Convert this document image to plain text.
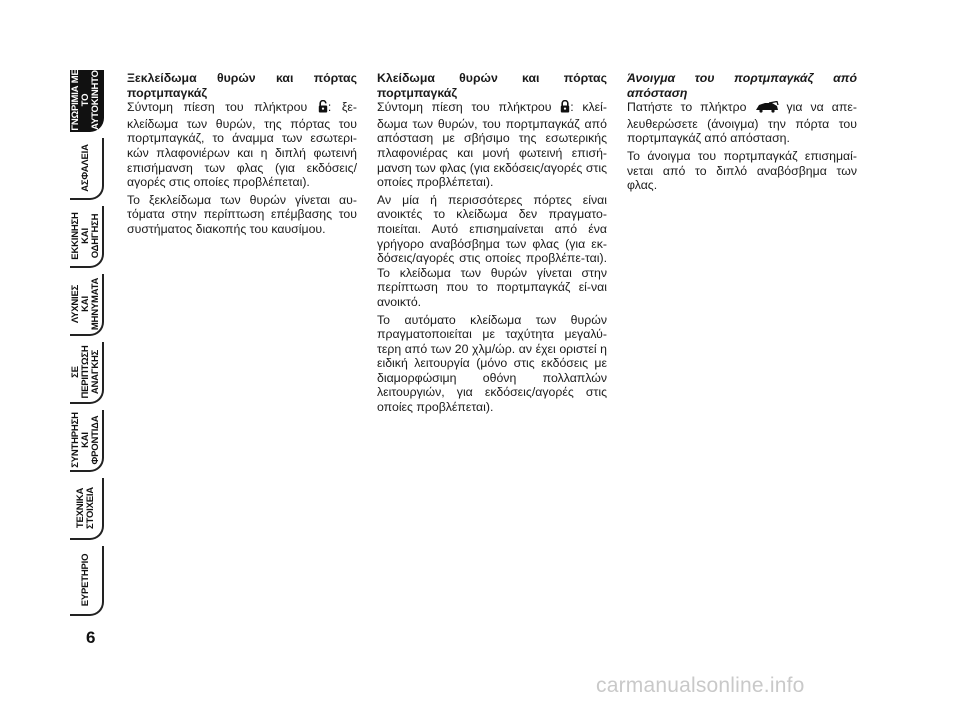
ΓΝΩΡΙΜΙΑ ΜΕ
ΤΟ
ΑΥΤΟΚΙΝΗΤΟ
ΑΣΦΑΛΕΙΑ
ΕΚΚΙΝΗΣΗ
ΚΑΙ
ΟΔΗΓΗΣΗ
ΛΥΧΝΙΕΣ
ΚΑΙ
ΜΗΝΥΜΑΤΑ
ΣΕ
ΠΕΡΙΠΤΩΣΗ
ΑΝΑΓΚΗΣ
ΣΥΝΤΗΡΗΣΗ
ΚΑΙ
ΦΡΟΝΤΙΔΑ
ΤΕΧΝΙΚΑ
ΣΤΟΙΧΕΙΑ
ΕΥΡΕΤΗΡΙΟ
6

Ξεκλείδωμα θυρών και πόρτας πορτμπαγκάζ

Σύντομη πίεση του πλήκτρου : ξε-κλείδωμα των θυρών, της πόρτας του πορτμπαγκάζ, το άναμμα των εσωτερι-κών πλαφονιέρων και η διπλή φωτεινή επισήμανση των φλας (για εκδόσεις/αγορές στις οποίες προβλέπεται).

Το ξεκλείδωμα των θυρών γίνεται αυ-τόματα στην περίπτωση επέμβασης του συστήματος διακοπής του καυσίμου.

Κλείδωμα θυρών και πόρτας πορτμπαγκάζ

Σύντομη πίεση του πλήκτρου : κλεί-δωμα των θυρών, του πορτμπαγκάζ από απόσταση με σβήσιμο της εσωτερικής πλαφονιέρας και μονή φωτεινή επισή-μανση των φλας (για εκδόσεις/αγορές στις οποίες προβλέπεται).

Αν μία ή περισσότερες πόρτες είναι ανοικτές το κλείδωμα δεν πραγματο-ποιείται. Αυτό επισημαίνεται από ένα γρήγορο αναβόσβημα των φλας (για εκ-δόσεις/αγορές στις οποίες προβλέπε-ται). Το κλείδωμα των θυρών γίνεται στην περίπτωση που το πορτμπαγκάζ εί-ναι ανοικτό.

Το αυτόματο κλείδωμα των θυρών πραγματοποιείται με ταχύτητα μεγαλύ-τερη από των 20 χλμ/ώρ. αν έχει οριστεί η ειδική λειτουργία (μόνο στις εκδόσεις με διαμορφώσιμη οθόνη πολλαπλών λειτουργιών, για εκδόσεις/αγορές στις οποίες προβλέπεται).

Άνοιγμα του πορτμπαγκάζ από απόσταση

Πατήστε το πλήκτρο	για να απε-λευθερώσετε (άνοιγμα) την πόρτα του πορτμπαγκάζ από απόσταση.

Το άνοιγμα του πορτμπαγκάζ επισημαί-νεται από το διπλό αναβόσβημα των φλας.

carmanualsonline.info
